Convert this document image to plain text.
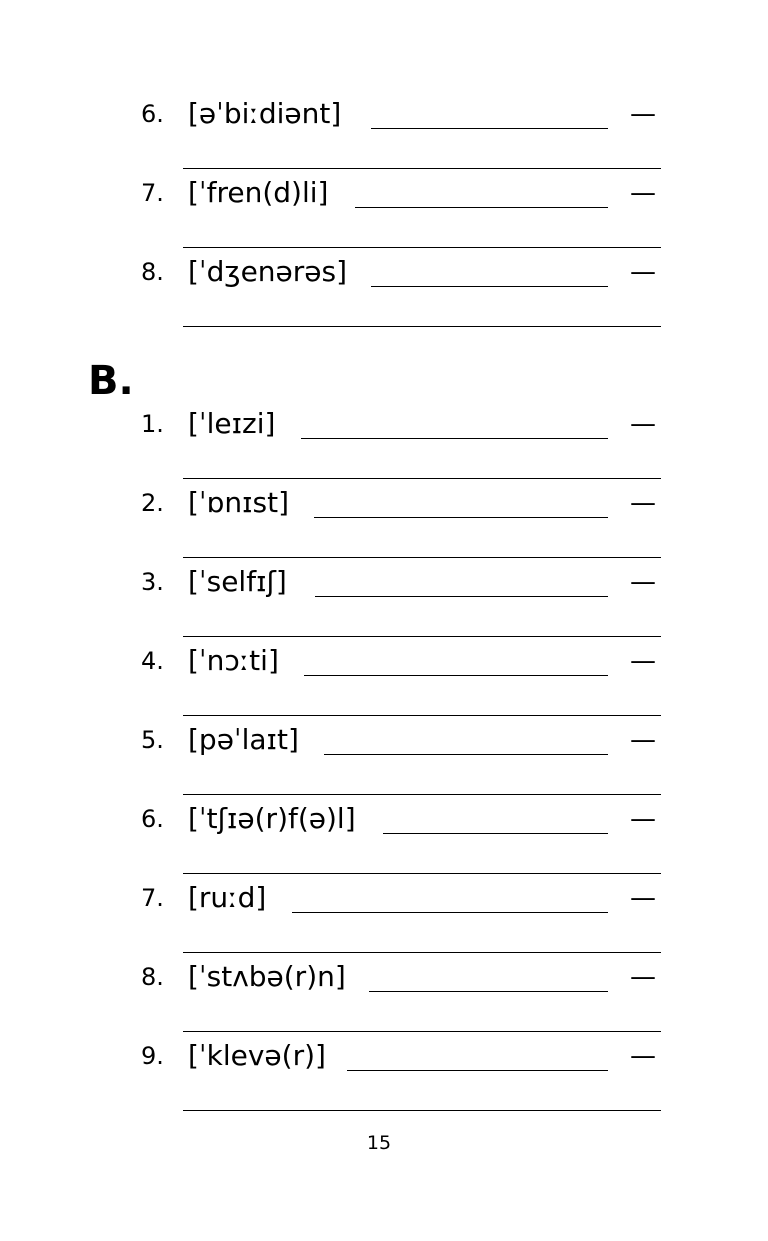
6. [əˈbiːdiənt]	—
7. [ˈfren(d)li]	—
8. [ˈdʒenərəs]	—
B.
1. [ˈleɪzi]	—
2. [ˈɒnɪst]	—
3. [ˈselfɪʃ]	—
4. [ˈnɔːti]	—
5. [pəˈlaɪt]	—
6. [ˈtʃɪə(r)f(ə)l]	—
7. [ruːd]	—
8. [ˈstʌbə(r)n]	—
9. [ˈklevə(r)]	—
15
